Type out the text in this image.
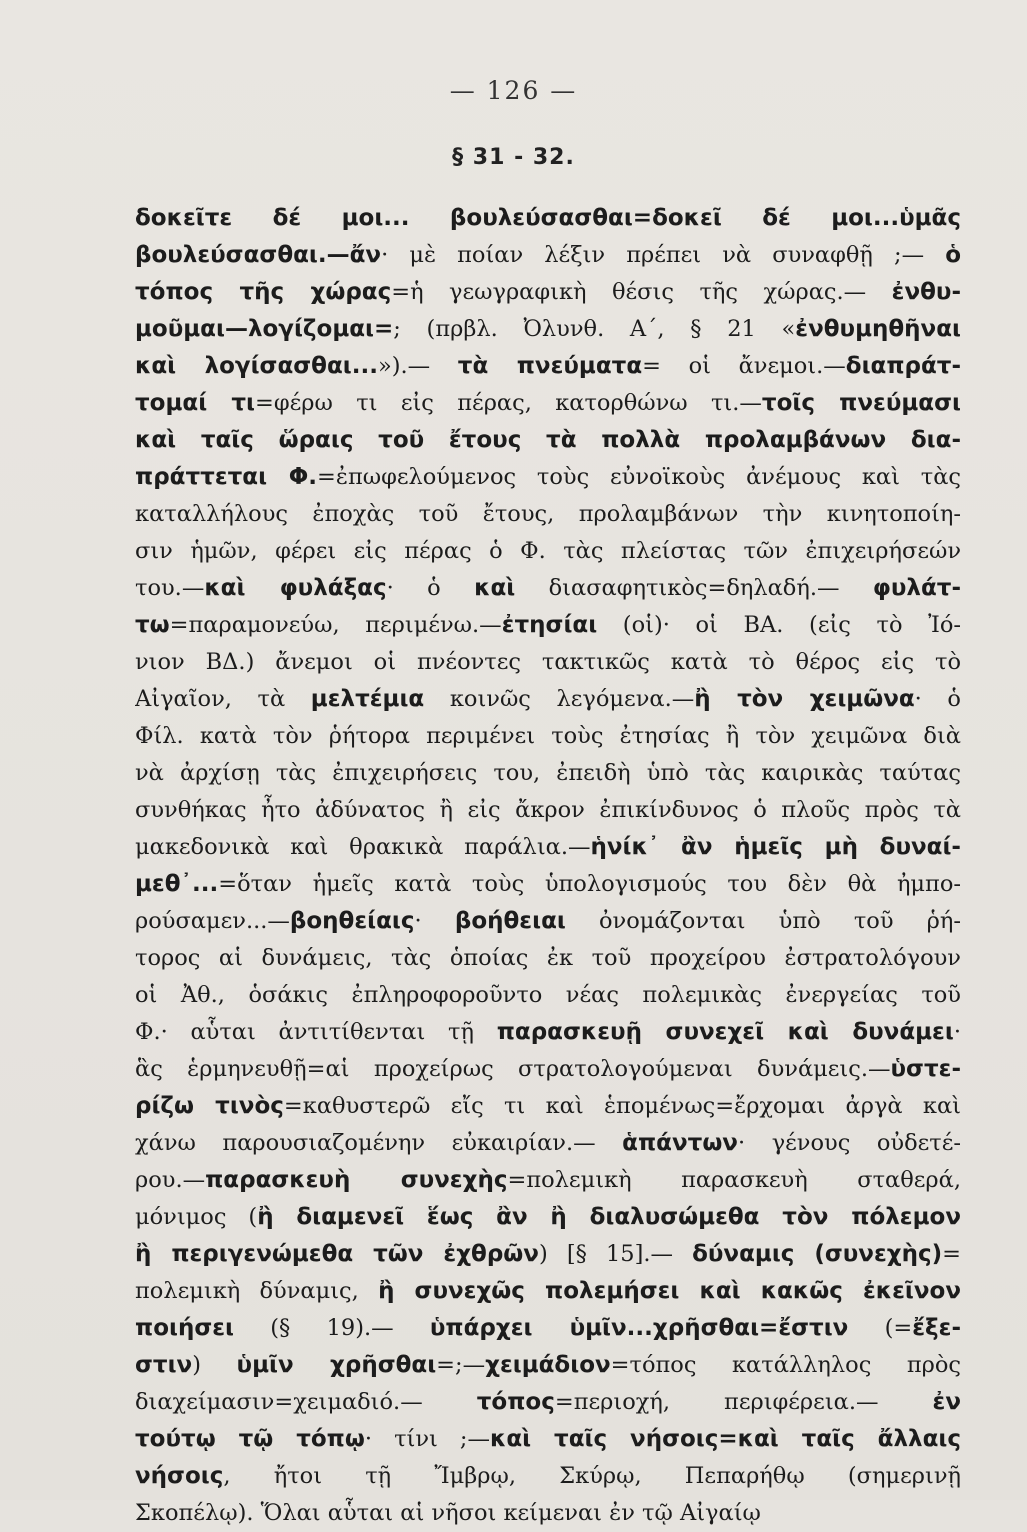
— 126 —
§ 31 - 32.
δοκεῖτε δέ μοι... βουλεύσασθαι=δοκεῖ δέ μοι...ὑμᾶς
βουλεύσασθαι.—ἄν· μὲ ποίαν λέξιν πρέπει νὰ συναφθῇ ;— ὁ
τόπος τῆς χώρας=ἡ γεωγραφικὴ θέσις τῆς χώρας.— ἐνθυ-
μοῦμαι—λογίζομαι=; (πρβλ. Ὀλυνθ. Α΄, § 21 «ἐνθυμηθῆναι
καὶ λογίσασθαι...»).— τὰ πνεύματα= οἱ ἄνεμοι.—διαπράτ-
τομαί τι=φέρω τι εἰς πέρας, κατορθώνω τι.—τοῖς πνεύμασι
καὶ ταῖς ὥραις τοῦ ἔτους τὰ πολλὰ προλαμβάνων δια-
πράττεται Φ.=ἐπωφελούμενος τοὺς εὐνοϊκοὺς ἀνέμους καὶ τὰς
καταλλήλους ἐποχὰς τοῦ ἔτους, προλαμβάνων τὴν κινητοποίη-
σιν ἡμῶν, φέρει εἰς πέρας ὁ Φ. τὰς πλείστας τῶν ἐπιχειρήσεών
του.—καὶ φυλάξας· ὁ καὶ διασαφητικὸς=δηλαδή.— φυλάτ-
τω=παραμονεύω, περιμένω.—ἐτησίαι (οἱ)· οἱ ΒΑ. (εἰς τὸ Ἰό-
νιον ΒΔ.) ἄνεμοι οἱ πνέοντες τακτικῶς κατὰ τὸ θέρος εἰς τὸ
Αἰγαῖον, τὰ μελτέμια κοινῶς λεγόμενα.—ἢ τὸν χειμῶνα· ὁ
Φίλ. κατὰ τὸν ῥήτορα περιμένει τοὺς ἐτησίας ἢ τὸν χειμῶνα διὰ
νὰ ἀρχίσῃ τὰς ἐπιχειρήσεις του, ἐπειδὴ ὑπὸ τὰς καιρικὰς ταύτας
συνθήκας ἦτο ἀδύνατος ἢ εἰς ἄκρον ἐπικίνδυνος ὁ πλοῦς πρὸς τὰ
μακεδονικὰ καὶ θρακικὰ παράλια.—ἡνίκ᾿ ἂν ἡμεῖς μὴ δυναί-
μεθ᾿...=ὅταν ἡμεῖς κατὰ τοὺς ὑπολογισμούς του δὲν θὰ ἠμπο-
ρούσαμεν...—βοηθείαις· βοήθειαι ὀνομάζονται ὑπὸ τοῦ ῥή-
τορος αἱ δυνάμεις, τὰς ὁποίας ἐκ τοῦ προχείρου ἐστρατολόγουν
οἱ Ἀθ., ὁσάκις ἐπληροφοροῦντο νέας πολεμικὰς ἐνεργείας τοῦ
Φ.· αὗται ἀντιτίθενται τῇ παρασκευῇ συνεχεῖ καὶ δυνάμει·
ἃς ἑρμηνευθῇ=αἱ προχείρως στρατολογούμεναι δυνάμεις.—ὑστε-
ρίζω τινὸς=καθυστερῶ εἴς τι καὶ ἑπομένως=ἔρχομαι ἀργὰ καὶ
χάνω παρουσιαζομένην εὐκαιρίαν.— ἁπάντων· γένους οὐδετέ-
ρου.—παρασκευὴ συνεχὴς=πολεμικὴ παρασκευὴ σταθερά,
μόνιμος (ἢ διαμενεῖ ἕως ἂν ἢ διαλυσώμεθα τὸν πόλεμον
ἢ περιγενώμεθα τῶν ἐχθρῶν) [§ 15].— δύναμις (συνεχὴς)=
πολεμικὴ δύναμις, ἢ συνεχῶς πολεμήσει καὶ κακῶς ἐκεῖνον
ποιήσει (§ 19).— ὑπάρχει ὑμῖν...χρῆσθαι=ἔστιν (=ἔξε-
στιν) ὑμῖν χρῆσθαι=;—χειμάδιον=τόπος κατάλληλος πρὸς
διαχείμασιν=χειμαδιό.— τόπος=περιοχή, περιφέρεια.— ἐν
τούτῳ τῷ τόπῳ· τίνι ;—καὶ ταῖς νήσοις=καὶ ταῖς ἄλλαις
νήσοις, ἤτοι τῇ Ἴμβρῳ, Σκύρῳ, Πεπαρήθῳ (σημερινῇ
Σκοπέλῳ). Ὅλαι αὗται αἱ νῆσοι κείμεναι ἐν τῷ Αἰγαίῳ
